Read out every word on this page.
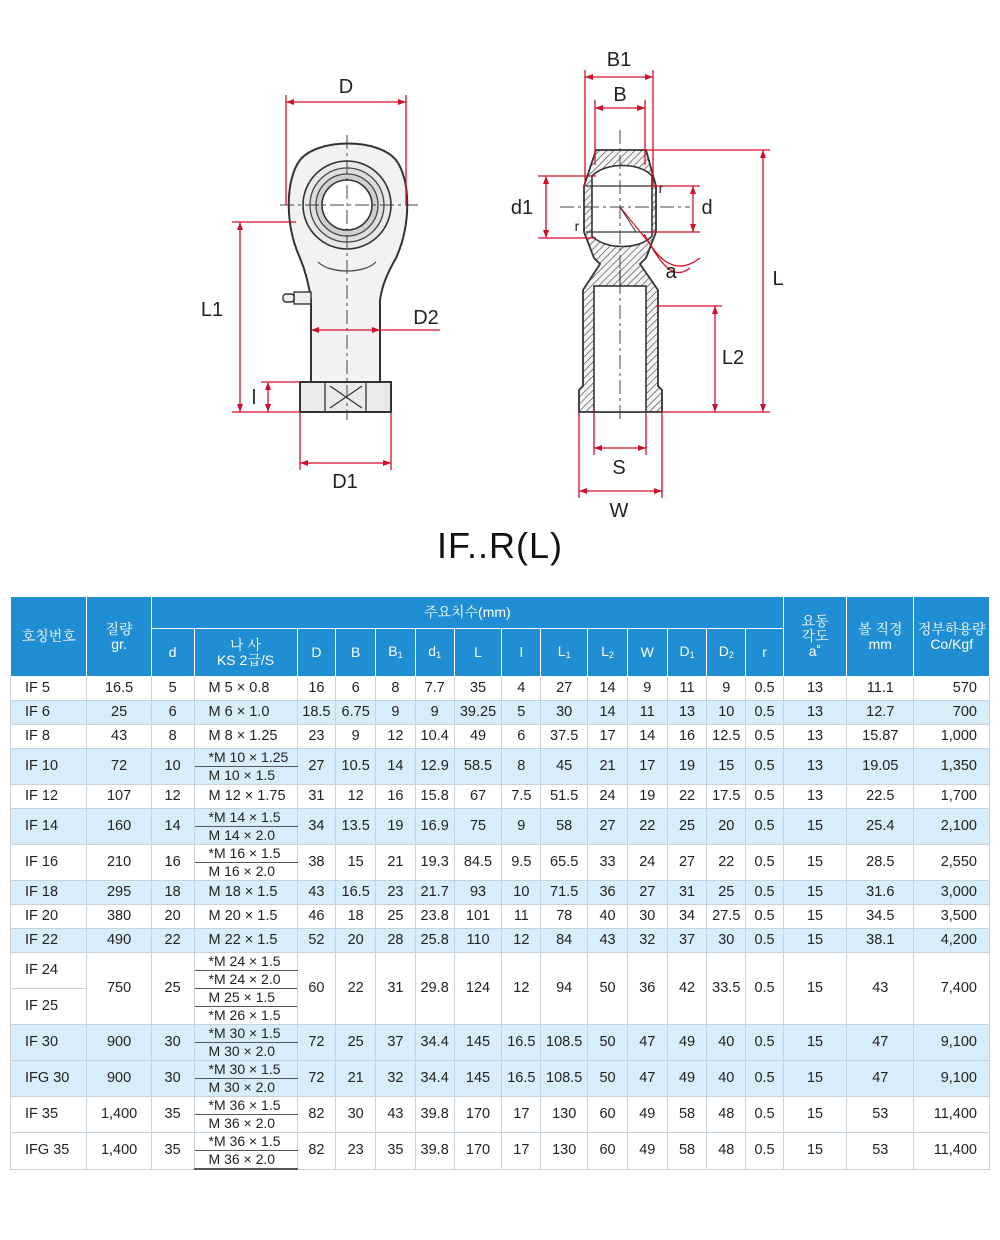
D
L1	D2
l
D1
B1
B
d1	d
r
r
a	L
L2
S
W
IF..R(L)
호칭번호	질량
gr.	주요치수(mm)														요동
각도
a˚	볼 직경
mm	정부하용량
Co/Kgf
		d	나 사
KS 2급/S	D	B	$B_1$	$d_1$	L	l	$L_1$	$L_2$	W	$D_1$	$D_2$	r			
IF 5	16.5	5	M 5 × 0.8	16	6	8	7.7	35	4	27	14	9	11	9	0.5	13	11.1	570
IF 6	25	6	M 6 × 1.0	18.5	6.75	9	9	39.25	5	30	14	11	13	10	0.5	13	12.7	700
IF 8	43	8	M 8 × 1.25	23	9	12	10.4	49	6	37.5	17	14	16	12.5	0.5	13	15.87	1,000
IF 10	72	10	*M 10 × 1.25	27	10.5	14	12.9	58.5	8	45	21	17	19	15	0.5	13	19.05	1,350
			M 10 × 1.5															
IF 12	107	12	M 12 × 1.75	31	12	16	15.8	67	7.5	51.5	24	19	22	17.5	0.5	13	22.5	1,700
IF 14	160	14	*M 14 × 1.5	34	13.5	19	16.9	75	9	58	27	22	25	20	0.5	15	25.4	2,100
			M 14 × 2.0															
IF 16	210	16	*M 16 × 1.5	38	15	21	19.3	84.5	9.5	65.5	33	24	27	22	0.5	15	28.5	2,550
			M 16 × 2.0															
IF 18	295	18	M 18 × 1.5	43	16.5	23	21.7	93	10	71.5	36	27	31	25	0.5	15	31.6	3,000
IF 20	380	20	M 20 × 1.5	46	18	25	23.8	101	11	78	40	30	34	27.5	0.5	15	34.5	3,500
IF 22	490	22	M 22 × 1.5	52	20	28	25.8	110	12	84	43	32	37	30	0.5	15	38.1	4,200
IF 24	750	25	*M 24 × 1.5	60	22	31	29.8	124	12	94	50	36	42	33.5	0.5	15	43	7,400
			*M 24 × 2.0															
IF 25			M 25 × 1.5															
			*M 26 × 1.5															
IF 30	900	30	*M 30 × 1.5	72	25	37	34.4	145	16.5	108.5	50	47	49	40	0.5	15	47	9,100
			M 30 × 2.0															
IFG 30	900	30	*M 30 × 1.5	72	21	32	34.4	145	16.5	108.5	50	47	49	40	0.5	15	47	9,100
			M 30 × 2.0															
IF 35	1,400	35	*M 36 × 1.5	82	30	43	39.8	170	17	130	60	49	58	48	0.5	15	53	11,400
			M 36 × 2.0															
IFG 35	1,400	35	*M 36 × 1.5	82	23	35	39.8	170	17	130	60	49	58	48	0.5	15	53	11,400
			M 36 × 2.0															
